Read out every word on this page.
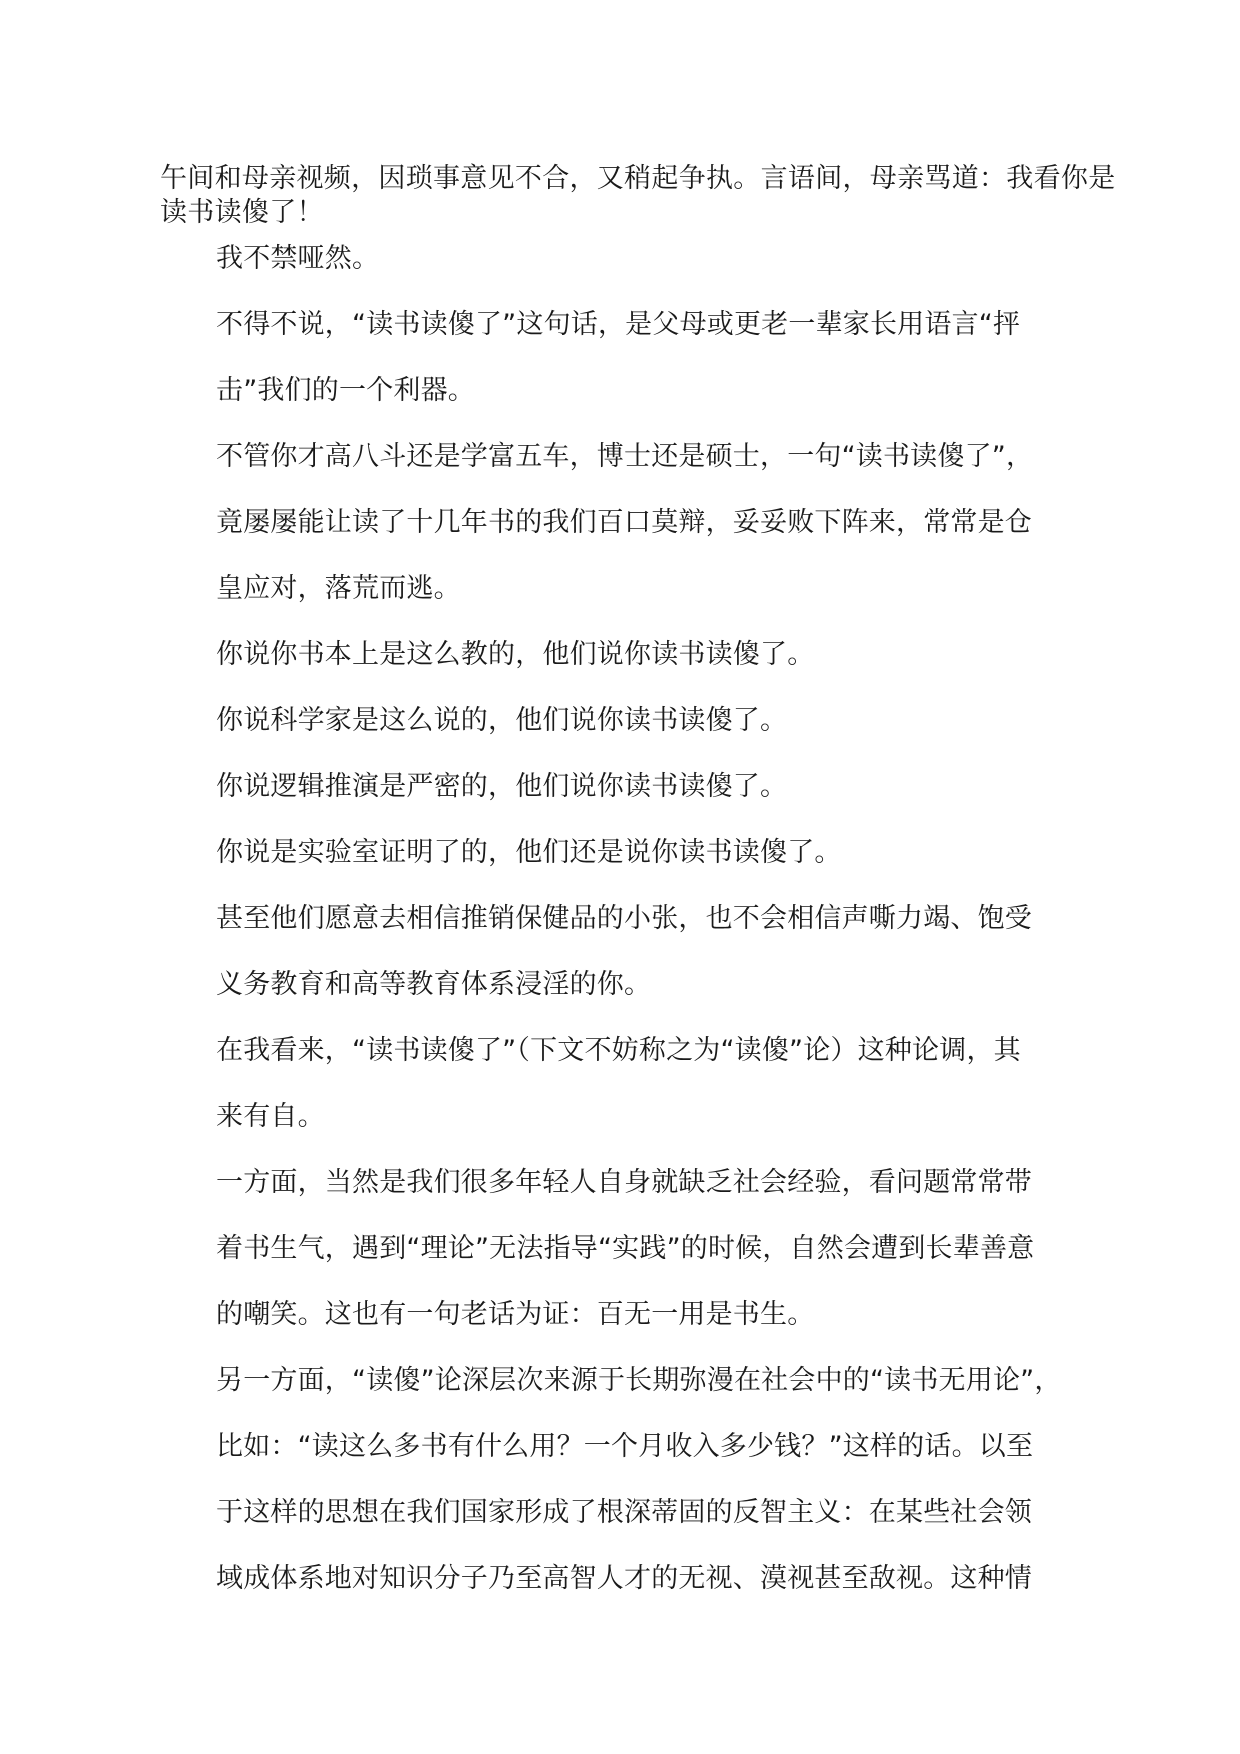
午间和母亲视频，因琐事意见不合，又稍起争执。言语间，母亲骂道：我看你是
读书读傻了！

我不禁哑然。

不得不说，“读书读傻了”这句话，是父母或更老一辈家长用语言“抨

击”我们的一个利器。

不管你才高八斗还是学富五车，博士还是硕士，一句“读书读傻了”，

竟屡屡能让读了十几年书的我们百口莫辩，妥妥败下阵来，常常是仓

皇应对，落荒而逃。

你说你书本上是这么教的，他们说你读书读傻了。

你说科学家是这么说的，他们说你读书读傻了。

你说逻辑推演是严密的，他们说你读书读傻了。

你说是实验室证明了的，他们还是说你读书读傻了。

甚至他们愿意去相信推销保健品的小张，也不会相信声嘶力竭、饱受

义务教育和高等教育体系浸淫的你。

在我看来，“读书读傻了”（下文不妨称之为“读傻”论）这种论调，其

来有自。

一方面，当然是我们很多年轻人自身就缺乏社会经验，看问题常常带

着书生气，遇到“理论”无法指导“实践”的时候，自然会遭到长辈善意

的嘲笑。这也有一句老话为证：百无一用是书生。

另一方面，“读傻”论深层次来源于长期弥漫在社会中的“读书无用论”，

比如：“读这么多书有什么用？一个月收入多少钱？”这样的话。以至

于这样的思想在我们国家形成了根深蒂固的反智主义：在某些社会领

域成体系地对知识分子乃至高智人才的无视、漠视甚至敌视。这种情
